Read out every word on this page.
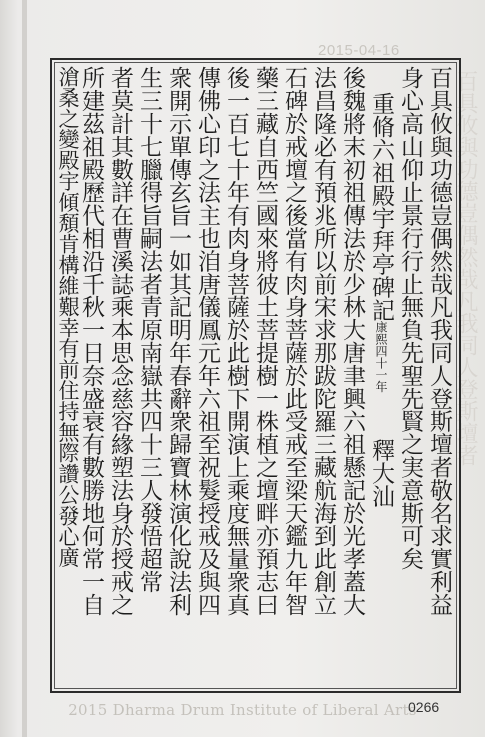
2015-04-16
百具攸與功德豈偶然哉凡我同人登斯壇者
百具攸與功德豈偶然哉凡我同人登斯壇者敬名求實利益
身心高山仰止景行行止無負先聖先賢之実意斯可矣
重脩六祖殿宇拜亭碑記康熙四十一年　　釋大汕
後魏將末初祖傳法於少林大唐聿興六祖懸記於光孝蓋大
法昌隆必有預兆所以前宋求那跋陀羅三藏航海到此創立
石碑於戒壇之後當有肉身菩薩於此受戒至梁天鑑九年智
藥三藏自西竺國來將彼土菩提樹一株植之壇畔亦預志曰
後一百七十年有肉身菩薩於此樹下開演上乘度無量衆真
傳佛心印之法主也洎唐儀鳳元年六祖至祝髮授戒及與四
衆開示單傳玄旨一如其記明年春辭衆歸寶林演化說法利
生三十七臘得旨嗣法者青原南嶽共四十三人發悟超常
者莫計其數詳在曹溪誌乘本思念慈容緣塑法身於授戒之
所建茲祖殿歷代相沿千秋一日奈盛衰有數勝地何常一自
滄桑之變殿宇傾頽肯構維艱幸有前住持無際讚公發心廣
2015 Dharma Drum Institute of Liberal Arts
0266
